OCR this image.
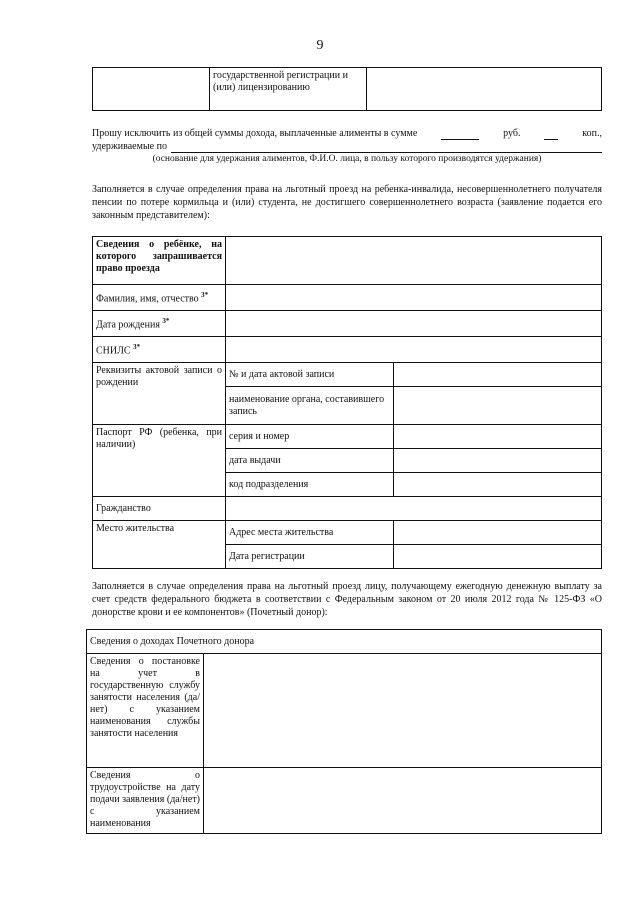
9
	государственной регистрации и (или) лицензированию	
Прошу исключить из общей суммы дохода, выплаченные алименты в сумме	руб.	коп.,
удерживаемые по
(основание для удержания алиментов, Ф.И.О. лица, в пользу которого производятся удержания)
Заполняется в случае определения права на льготный проезд на ребенка-инвалида, несовершеннолетнего получателя пенсии по потере кормильца и (или) студента, не достигшего совершеннолетнего возраста (заявление подается его законным представителем):
Сведения о ребёнке, на которого запрашивается право проезда		
Фамилия, имя, отчество $^{3*}$	
Дата рождения $^{3*}$	
СНИЛС $^{3*}$	
Реквизиты актовой записи о рождении	№ и дата актовой записи	
	наименование органа, составившего запись	
Паспорт РФ (ребенка, при наличии)	серия и номер	
	дата выдачи	
	код подразделения	
Гражданство		
Место жительства	Адрес места жительства	
	Дата регистрации	
Заполняется в случае определения права на льготный проезд лицу, получающему ежегодную денежную выплату за счет средств федерального бюджета в соответствии с Федеральным законом от 20 июля 2012 года № 125-ФЗ «О донорстве крови и ее компонентов» (Почетный донор):
Сведения о доходах Почетного донора	
Сведения о постановке на учет в государственную службу занятости населения (да/нет) с указанием наименования службы занятости населения	
Сведения о трудоустройстве на дату подачи заявления (да/нет) с указанием наименования	
